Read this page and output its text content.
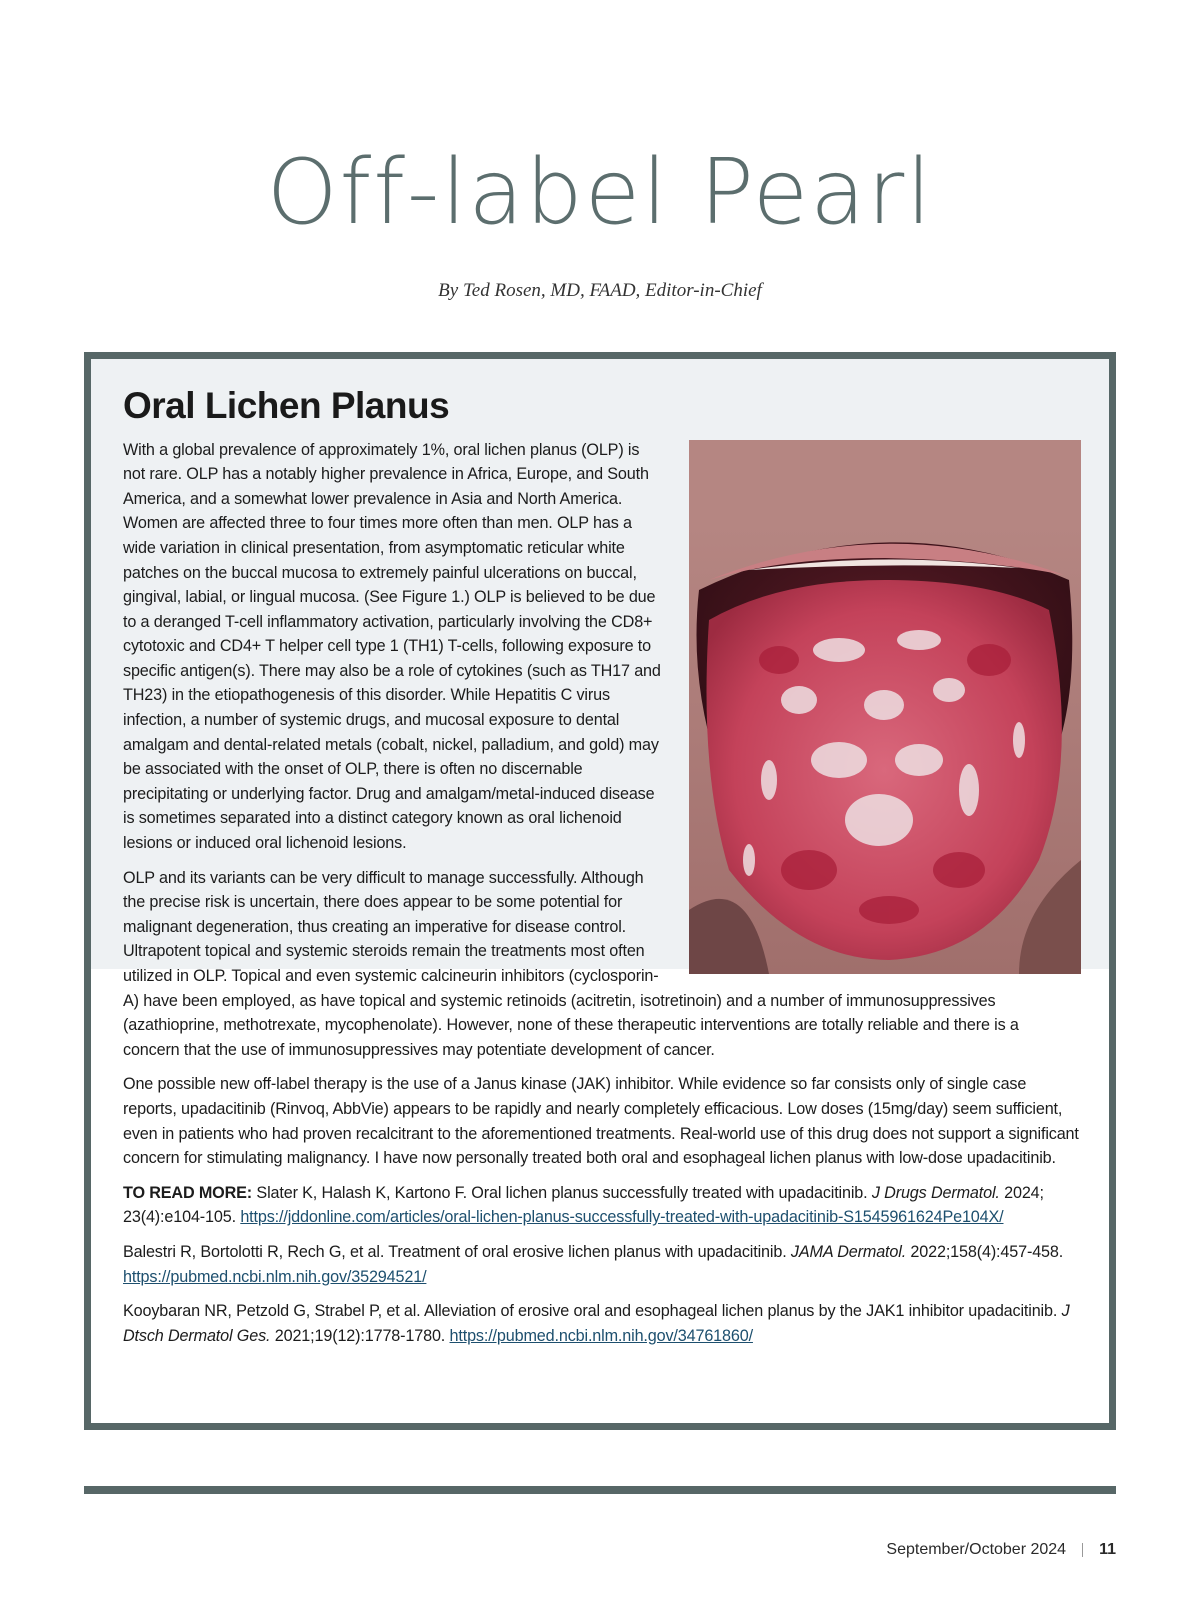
Off-label Pearl
By Ted Rosen, MD, FAAD, Editor-in-Chief
Oral Lichen Planus

With a global prevalence of approximately 1%, oral lichen planus (OLP) is not rare. OLP has a notably higher prevalence in Africa, Europe, and South America, and a somewhat lower prevalence in Asia and North America. Women are affected three to four times more often than men. OLP has a wide variation in clinical presentation, from asymptomatic reticular white patches on the buccal mucosa to extremely painful ulcerations on buccal, gingival, labial, or lingual mucosa. (See Figure 1.) OLP is believed to be due to a deranged T-cell inflammatory activation, particularly involving the CD8+ cytotoxic and CD4+ T helper cell type 1 (TH1) T-cells, following exposure to specific antigen(s). There may also be a role of cytokines (such as TH17 and TH23) in the etiopathogenesis of this disorder. While Hepatitis C virus infection, a number of systemic drugs, and mucosal exposure to dental amalgam and dental-related metals (cobalt, nickel, palladium, and gold) may be associated with the onset of OLP, there is often no discernable precipitating or underlying factor. Drug and amalgam/metal-induced disease is sometimes separated into a distinct category known as oral lichenoid lesions or induced oral lichenoid lesions.

OLP and its variants can be very difficult to manage successfully. Although the precise risk is uncertain, there does appear to be some potential for malignant degeneration, thus creating an imperative for disease control. Ultrapotent topical and systemic steroids remain the treatments most often utilized in OLP. Topical and even systemic calcineurin inhibitors (cyclosporin-A) have been employed, as have topical and systemic retinoids (acitretin, isotretinoin) and a number of immunosuppressives (azathioprine, methotrexate, mycophenolate). However, none of these therapeutic interventions are totally reliable and there is a concern that the use of immunosuppressives may potentiate development of cancer.

One possible new off-label therapy is the use of a Janus kinase (JAK) inhibitor. While evidence so far consists only of single case reports, upadacitinib (Rinvoq, AbbVie) appears to be rapidly and nearly completely efficacious. Low doses (15mg/day) seem sufficient, even in patients who had proven recalcitrant to the aforementioned treatments. Real-world use of this drug does not support a significant concern for stimulating malignancy. I have now personally treated both oral and esophageal lichen planus with low-dose upadacitinib.

TO READ MORE: Slater K, Halash K, Kartono F. Oral lichen planus successfully treated with upadacitinib. J Drugs Dermatol. 2024; 23(4):e104-105. https://jddonline.com/articles/oral-lichen-planus-successfully-treated-with-upadacitinib-S1545961624Pe104X/

Balestri R, Bortolotti R, Rech G, et al. Treatment of oral erosive lichen planus with upadacitinib. JAMA Dermatol. 2022;158(4):457-458. https://pubmed.ncbi.nlm.nih.gov/35294521/

Kooybaran NR, Petzold G, Strabel P, et al. Alleviation of erosive oral and esophageal lichen planus by the JAK1 inhibitor upadacitinib. J Dtsch Dermatol Ges. 2021;19(12):1778-1780. https://pubmed.ncbi.nlm.nih.gov/34761860/

September/October 2024 11
